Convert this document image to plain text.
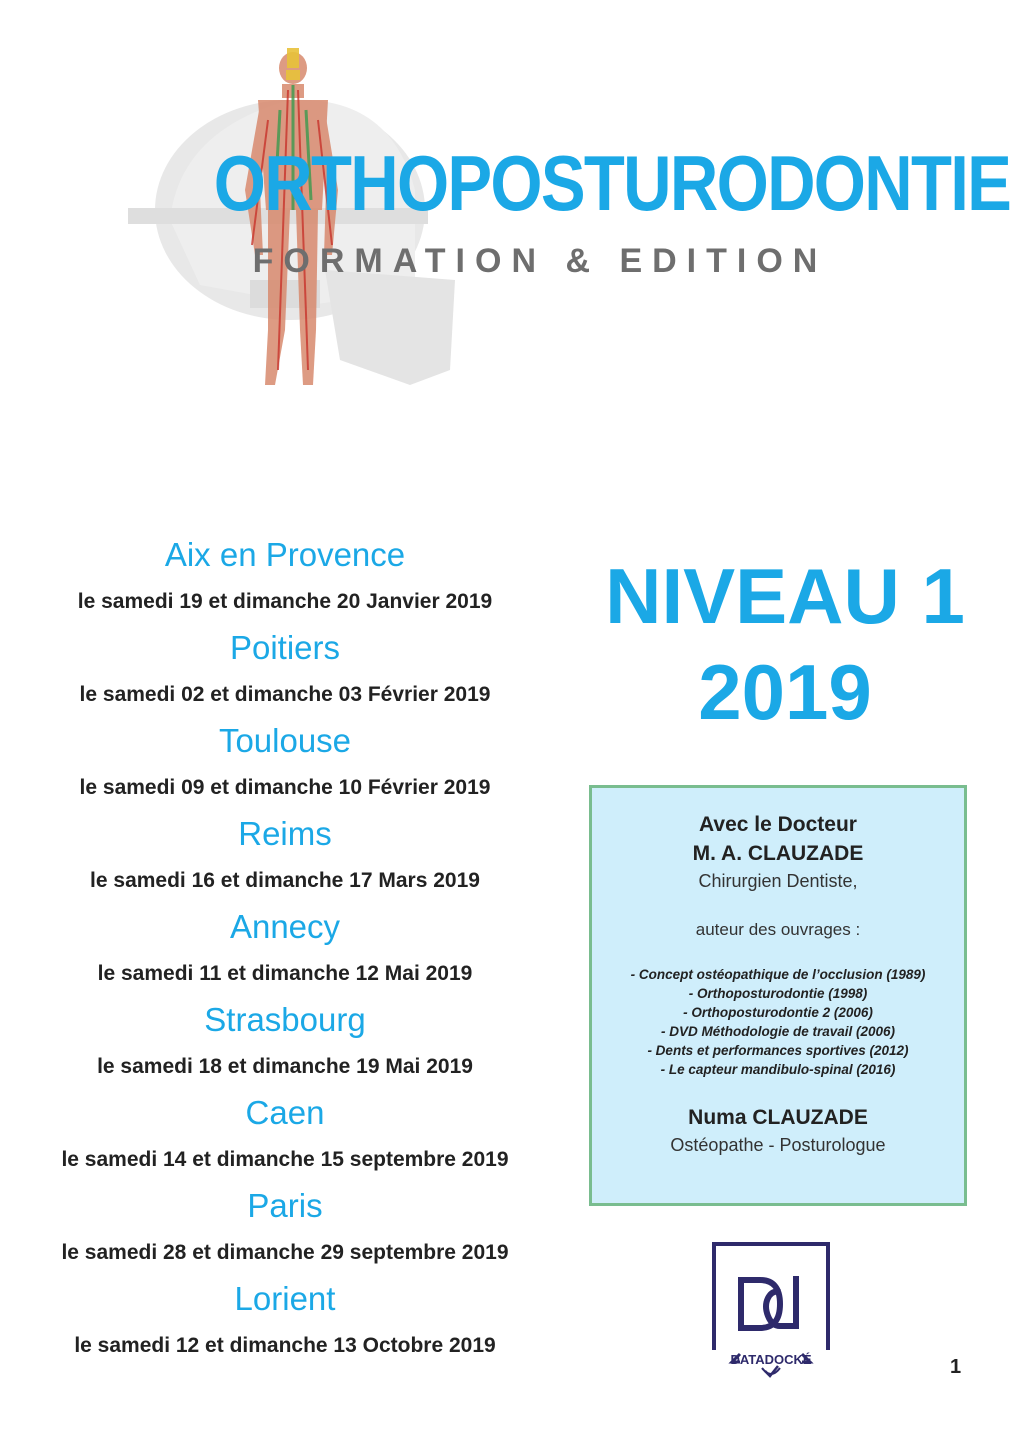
ORTHOPOSTURODONTIE
FORMATION & EDITION
Aix en Provence
le samedi 19 et dimanche 20 Janvier 2019
Poitiers
le samedi 02 et dimanche 03 Février 2019
Toulouse
le samedi 09 et dimanche 10 Février 2019
Reims
le samedi 16 et dimanche 17 Mars 2019
Annecy
le samedi 11 et dimanche 12 Mai 2019
Strasbourg
le samedi 18 et dimanche 19 Mai 2019
Caen
le samedi 14 et dimanche 15 septembre 2019
Paris
le samedi 28 et dimanche 29 septembre 2019
Lorient
le samedi 12 et dimanche 13 Octobre 2019
NIVEAU 1
2019
Avec le Docteur
M. A. CLAUZADE
Chirurgien Dentiste,
auteur des ouvrages :
- Concept ostéopathique de l’occlusion (1989)
- Orthoposturodontie (1998)
- Orthoposturodontie 2 (2006)
- DVD Méthodologie de travail (2006)
- Dents et performances sportives (2012)
- Le capteur mandibulo-spinal (2016)
Numa CLAUZADE
Ostéopathe - Posturologue
DATADOCKÉ	1
